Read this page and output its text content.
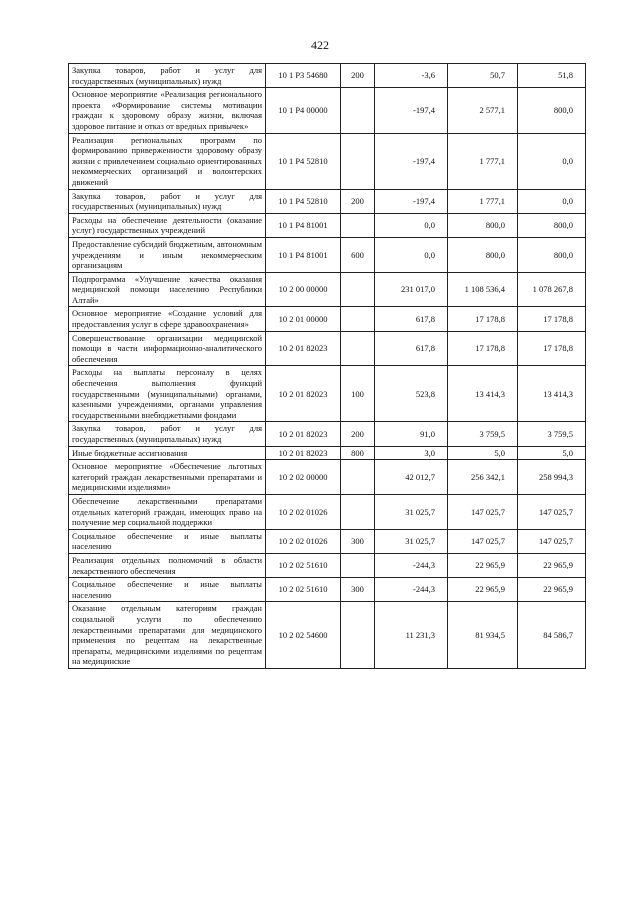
422
Закупка товаров, работ и услуг для государственных (муниципальных) нужд	10 1 P3 54680	200	-3,6	50,7	51,8
Основное мероприятие «Реализация регионального проекта «Формирование системы мотивации граждан к здоровому образу жизни, включая здоровое питание и отказ от вредных привычек»	10 1 P4 00000		-197,4	2 577,1	800,0
Реализация региональных программ по формированию приверженности здоровому образу жизни с привлечением социально ориентированных некоммерческих организаций и волонтерских движений	10 1 P4 52810		-197,4	1 777,1	0,0
Закупка товаров, работ и услуг для государственных (муниципальных) нужд	10 1 P4 52810	200	-197,4	1 777,1	0,0
Расходы на обеспечение деятельности (оказание услуг) государственных учреждений	10 1 P4 81001		0,0	800,0	800,0
Предоставление субсидий бюджетным, автономным учреждениям и иным некоммерческим организациям	10 1 P4 81001	600	0,0	800,0	800,0
Подпрограмма «Улучшение качества оказания медицинской помощи населению Республики Алтай»	10 2 00 00000		231 017,0	1 108 536,4	1 078 267,8
Основное мероприятие «Создание условий для предоставления услуг в сфере здравоохранения»	10 2 01 00000		617,8	17 178,8	17 178,8
Совершенствование организации медицинской помощи в части информационно-аналитического обеспечения	10 2 01 82023		617,8	17 178,8	17 178,8
Расходы на выплаты персоналу в целях обеспечения выполнения функций государственными (муниципальными) органами, казенными учреждениями, органами управления государственными внебюджетными фондами	10 2 01 82023	100	523,8	13 414,3	13 414,3
Закупка товаров, работ и услуг для государственных (муниципальных) нужд	10 2 01 82023	200	91,0	3 759,5	3 759,5
Иные бюджетные ассигнования	10 2 01 82023	800	3,0	5,0	5,0
Основное мероприятие «Обеспечение льготных категорий граждан лекарственными препаратами и медицинскими изделиями»	10 2 02 00000		42 012,7	256 342,1	258 994,3
Обеспечение лекарственными препаратами отдельных категорий граждан, имеющих право на получение мер социальной поддержки	10 2 02 01026		31 025,7	147 025,7	147 025,7
Социальное обеспечение и иные выплаты населению	10 2 02 01026	300	31 025,7	147 025,7	147 025,7
Реализация отдельных полномочий в области лекарственного обеспечения	10 2 02 51610		-244,3	22 965,9	22 965,9
Социальное обеспечение и иные выплаты населению	10 2 02 51610	300	-244,3	22 965,9	22 965,9
Оказание отдельным категориям граждан социальной услуги по обеспечению лекарственными препаратами для медицинского применения по рецептам на лекарственные препараты, медицинскими изделиями по рецептам на медицинские	10 2 02 54600		11 231,3	81 934,5	84 586,7
